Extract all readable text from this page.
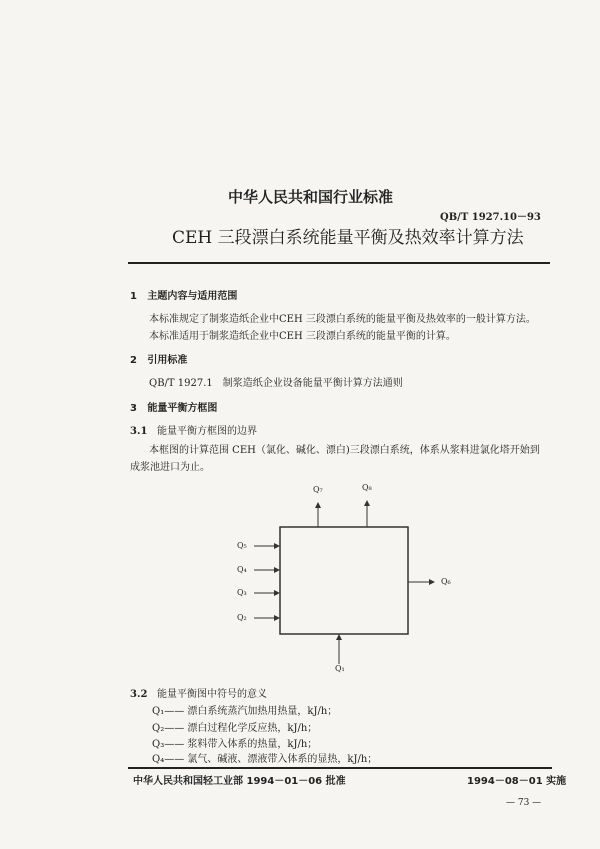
中华人民共和国行业标准
QB/T 1927.10－93
CEH 三段漂白系统能量平衡及热效率计算方法
1 主题内容与适用范围
本标准规定了制浆造纸企业中CEH 三段漂白系统的能量平衡及热效率的一般计算方法。
本标准适用于制浆造纸企业中CEH 三段漂白系统的能量平衡的计算。
2 引用标准
QB/T 1927.1　制浆造纸企业设备能量平衡计算方法通则
3 能量平衡方框图
3.1 能量平衡方框图的边界
本框图的计算范围 CEH（氯化、碱化、漂白)三段漂白系统，体系从浆料进氯化塔开始到
成浆池进口为止。
Q₅
Q₄
Q₃
Q₂
Q₇	Q₈
Q₆
Q₁
3.2 能量平衡图中符号的意义
Q₁—— 漂白系统蒸汽加热用热量，kJ/h；
Q₂—— 漂白过程化学反应热，kJ/h；
Q₃—— 浆料带入体系的热量，kJ/h；
Q₄—— 氯气、碱液、漂液带入体系的显热，kJ/h；
中华人民共和国轻工业部 1994－01－06 批准	1994－08－01 实施
— 73 —
